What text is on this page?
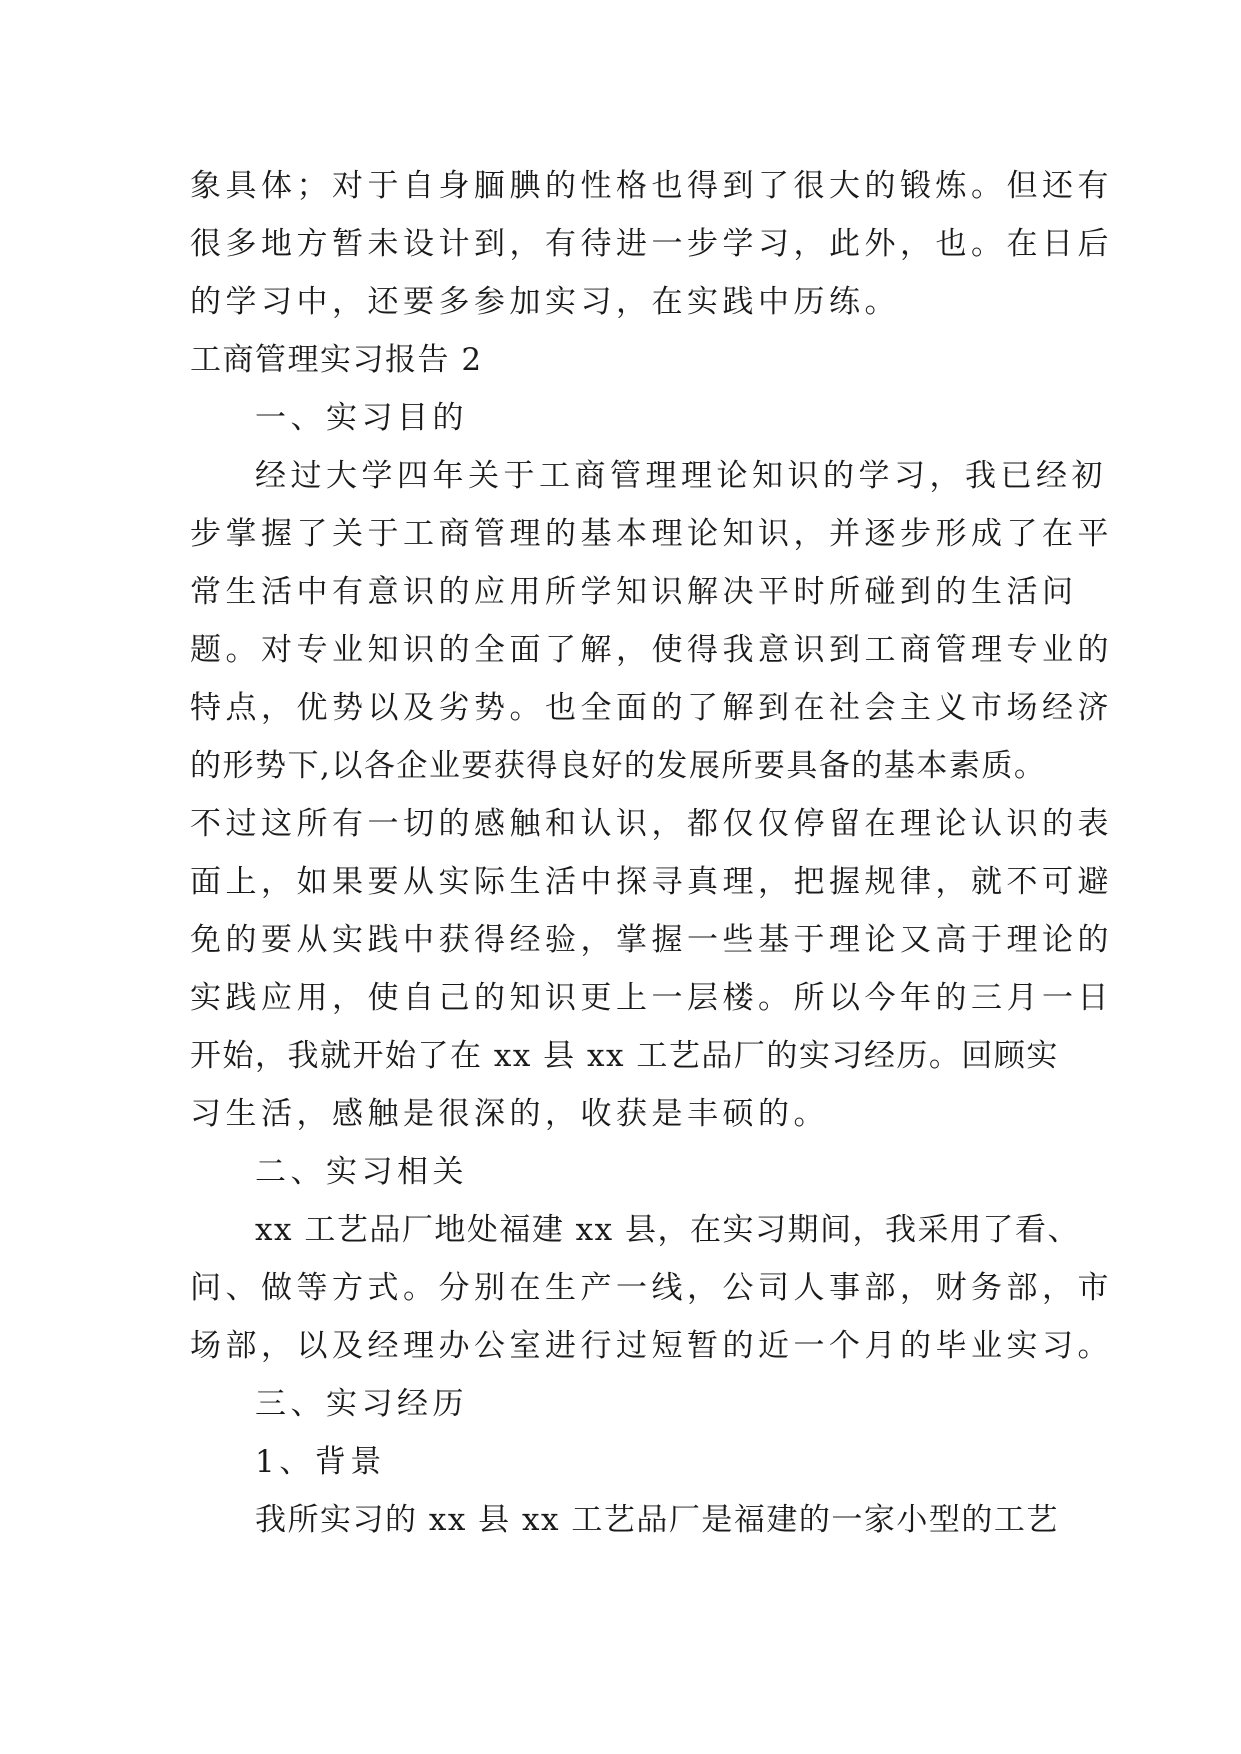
象具体；对于自身腼腆的性格也得到了很大的锻炼。但还有
很多地方暂未设计到，有待进一步学习，此外，也。在日后
的学习中，还要多参加实习，在实践中历练。
工商管理实习报告 2
一、实习目的
经过大学四年关于工商管理理论知识的学习，我已经初
步掌握了关于工商管理的基本理论知识，并逐步形成了在平
常生活中有意识的应用所学知识解决平时所碰到的生活问
题。对专业知识的全面了解，使得我意识到工商管理专业的
特点，优势以及劣势。也全面的了解到在社会主义市场经济
的形势下,以各企业要获得良好的发展所要具备的基本素质。
不过这所有一切的感触和认识，都仅仅停留在理论认识的表
面上，如果要从实际生活中探寻真理，把握规律，就不可避
免的要从实践中获得经验，掌握一些基于理论又高于理论的
实践应用，使自己的知识更上一层楼。所以今年的三月一日
开始，我就开始了在 xx 县 xx 工艺品厂的实习经历。回顾实
习生活，感触是很深的，收获是丰硕的。
二、实习相关
xx 工艺品厂地处福建 xx 县，在实习期间，我采用了看、
问、做等方式。分别在生产一线，公司人事部，财务部，市
场部，以及经理办公室进行过短暂的近一个月的毕业实习。
三、实习经历
1、背景
我所实习的 xx 县 xx 工艺品厂是福建的一家小型的工艺
